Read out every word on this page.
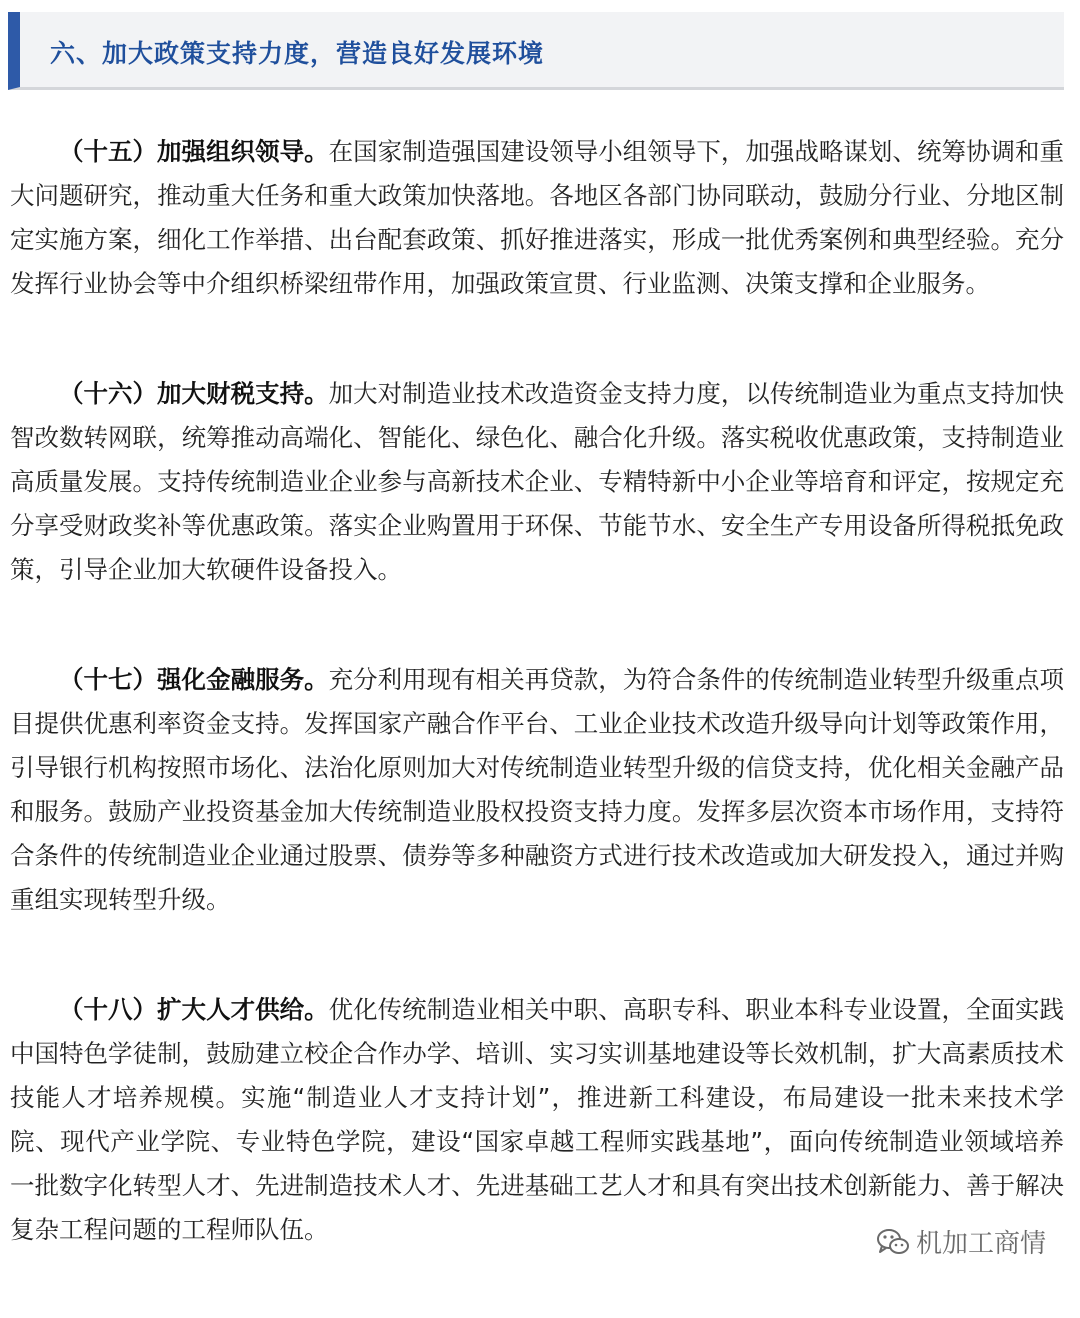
六、加大政策支持力度，营造良好发展环境

（十五）加强组织领导。在国家制造强国建设领导小组领导下，加强战略谋划、统筹协调和重大问题研究，推动重大任务和重大政策加快落地。各地区各部门协同联动，鼓励分行业、分地区制定实施方案，细化工作举措、出台配套政策、抓好推进落实，形成一批优秀案例和典型经验。充分发挥行业协会等中介组织桥梁纽带作用，加强政策宣贯、行业监测、决策支撑和企业服务。

（十六）加大财税支持。加大对制造业技术改造资金支持力度，以传统制造业为重点支持加快智改数转网联，统筹推动高端化、智能化、绿色化、融合化升级。落实税收优惠政策，支持制造业高质量发展。支持传统制造业企业参与高新技术企业、专精特新中小企业等培育和评定，按规定充分享受财政奖补等优惠政策。落实企业购置用于环保、节能节水、安全生产专用设备所得税抵免政策，引导企业加大软硬件设备投入。

（十七）强化金融服务。充分利用现有相关再贷款，为符合条件的传统制造业转型升级重点项目提供优惠利率资金支持。发挥国家产融合作平台、工业企业技术改造升级导向计划等政策作用，引导银行机构按照市场化、法治化原则加大对传统制造业转型升级的信贷支持，优化相关金融产品和服务。鼓励产业投资基金加大传统制造业股权投资支持力度。发挥多层次资本市场作用，支持符合条件的传统制造业企业通过股票、债券等多种融资方式进行技术改造或加大研发投入，通过并购重组实现转型升级。

（十八）扩大人才供给。优化传统制造业相关中职、高职专科、职业本科专业设置，全面实践中国特色学徒制，鼓励建立校企合作办学、培训、实习实训基地建设等长效机制，扩大高素质技术技能人才培养规模。实施“制造业人才支持计划”，推进新工科建设，布局建设一批未来技术学院、现代产业学院、专业特色学院，建设“国家卓越工程师实践基地”，面向传统制造业领域培养一批数字化转型人才、先进制造技术人才、先进基础工艺人才和具有突出技术创新能力、善于解决复杂工程问题的工程师队伍。	机加工商情
